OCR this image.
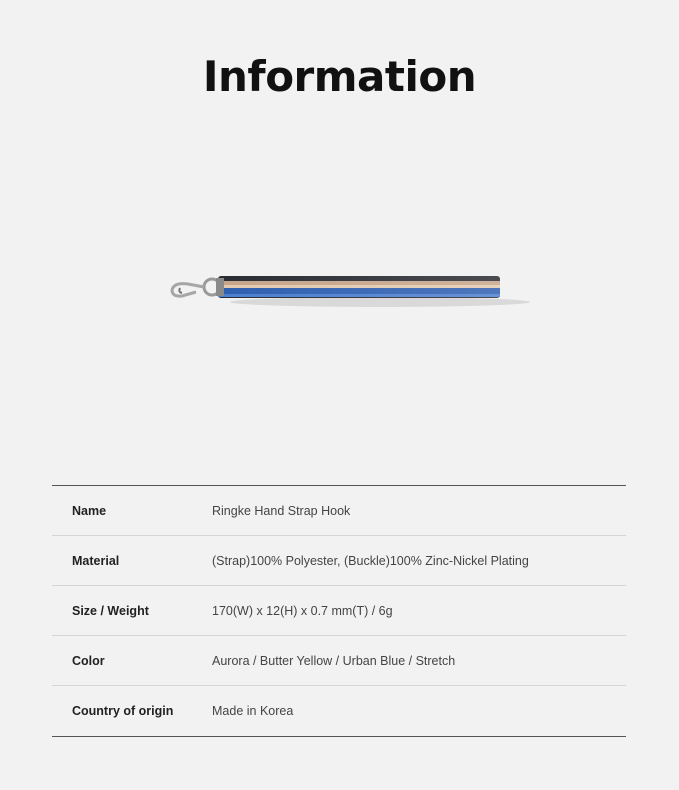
Information
Name	Ringke Hand Strap Hook
Material	(Strap)100% Polyester, (Buckle)100% Zinc-Nickel Plating
Size / Weight	170(W) x 12(H) x 0.7 mm(T) / 6g
Color	Aurora / Butter Yellow / Urban Blue / Stretch
Country of origin	Made in Korea
